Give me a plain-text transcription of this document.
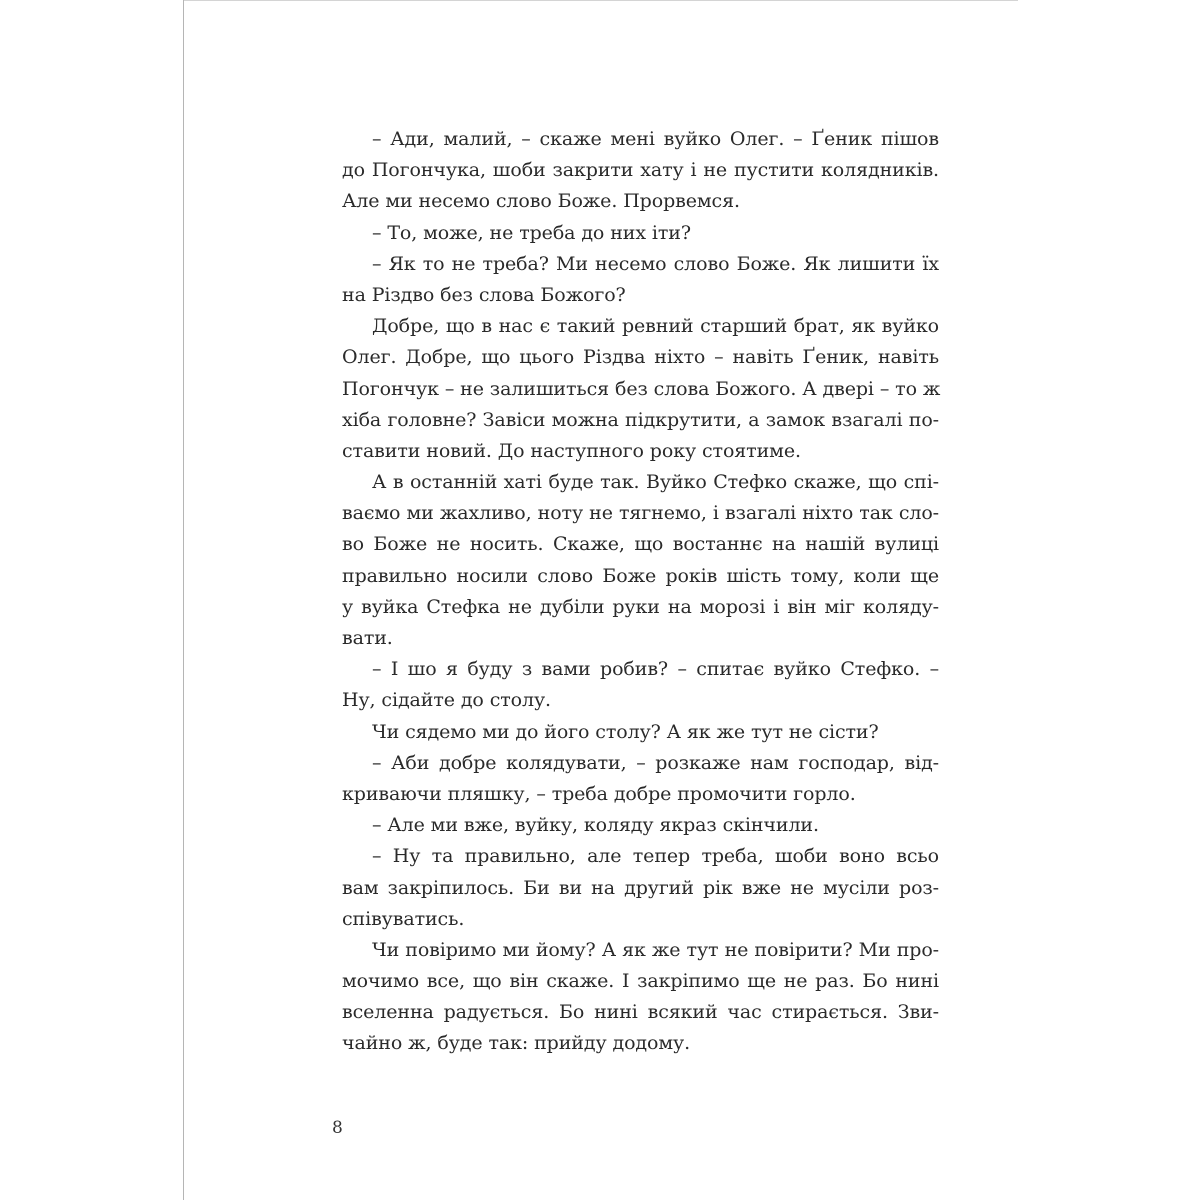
– Ади, малий, – скаже мені вуйко Олег. – Ґеник пішов
до Погончука, шоби закрити хату і не пустити колядників.
Але ми несемо слово Боже. Прорвемся.
– То, може, не треба до них іти?
– Як то не треба? Ми несемо слово Боже. Як лишити їх
на Різдво без слова Божого?
Добре, що в нас є такий ревний старший брат, як вуйко
Олег. Добре, що цього Різдва ніхто – навіть Ґеник, навіть
Погончук – не залишиться без слова Божого. А двері – то ж
хіба головне? Завіси можна підкрутити, а замок взагалі по-
ставити новий. До наступного року стоятиме.
А в останній хаті буде так. Вуйко Стефко скаже, що спі-
ваємо ми жахливо, ноту не тягнемо, і взагалі ніхто так сло-
во Боже не носить. Скаже, що востаннє на нашій вулиці
правильно носили слово Боже років шість тому, коли ще
у вуйка Стефка не дубіли руки на морозі і він міг коляду-
вати.
– І шо я буду з вами робив? – спитає вуйко Стефко. –
Ну, сідайте до столу.
Чи сядемо ми до його столу? А як же тут не сісти?
– Аби добре колядувати, – розкаже нам господар, від-
криваючи пляшку, – треба добре промочити горло.
– Але ми вже, вуйку, коляду якраз скінчили.
– Ну та правильно, але тепер треба, шоби воно всьо
вам закріпилось. Би ви на другий рік вже не мусіли роз-
співуватись.
Чи повіримо ми йому? А як же тут не повірити? Ми про-
мочимо все, що він скаже. І закріпимо ще не раз. Бо нині
вселенна радується. Бо нині всякий час стирається. Зви-
чайно ж, буде так: прийду додому.
8
